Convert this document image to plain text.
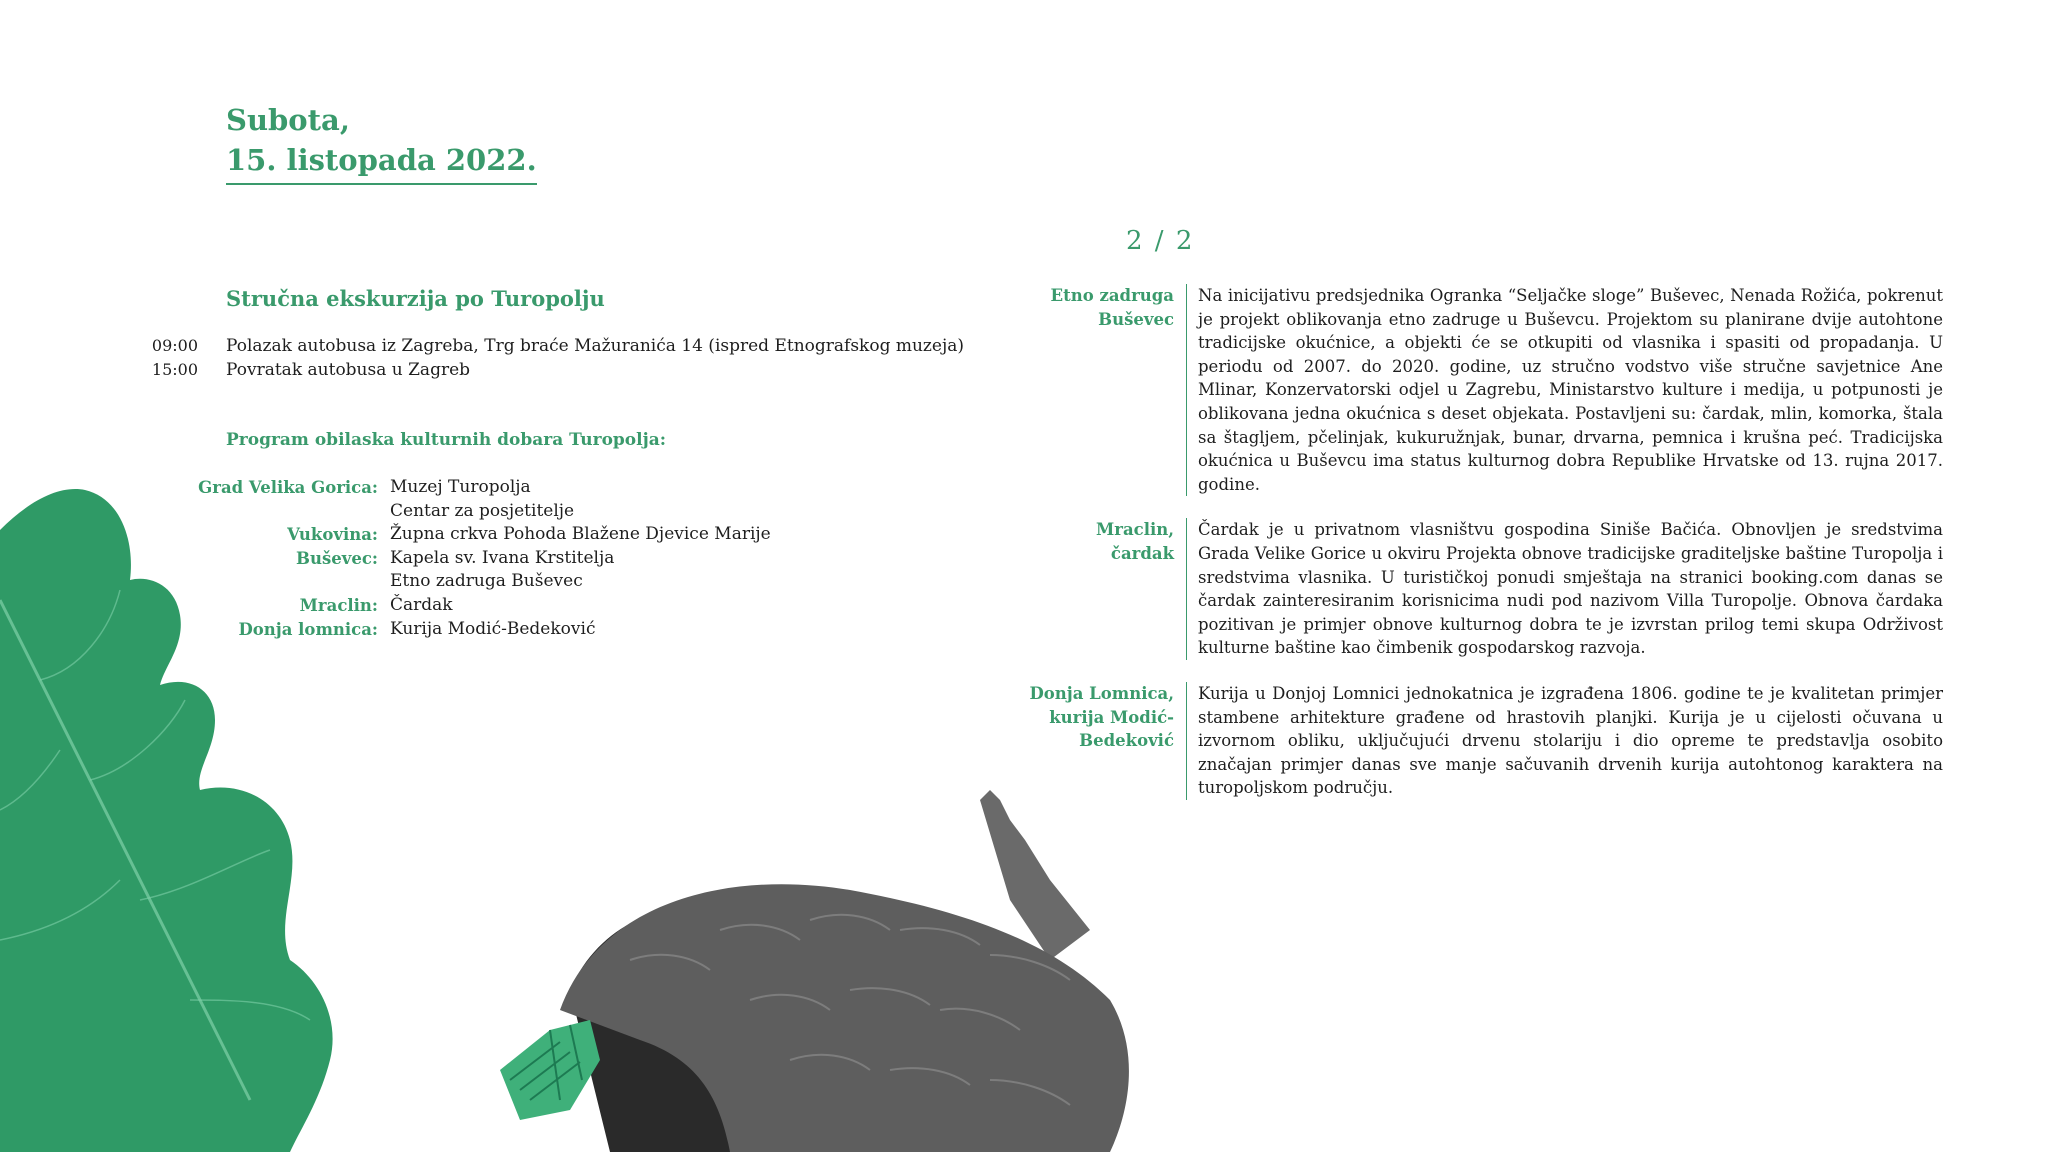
Subota,
15. listopada 2022.
2 / 2
Stručna ekskurzija po Turopolju
09:00 Polazak autobusa iz Zagreba, Trg braće Mažuranića 14 (ispred Etnografskog muzeja)
15:00 Povratak autobusa u Zagreb
Program obilaska kulturnih dobara Turopolja:
Grad Velika Gorica: Muzej Turopolja
Centar za posjetitelje
Vukovina: Župna crkva Pohoda Blažene Djevice Marije
Buševec: Kapela sv. Ivana Krstitelja
Etno zadruga Buševec
Mraclin: Čardak
Donja lomnica: Kurija Modić-Bedeković
Etno zadruga
Buševec
Na inicijativu predsjednika Ogranka “Seljačke sloge” Buševec, Nenada Rožića, pokrenut je projekt oblikovanja etno zadruge u Buševcu. Projektom su planirane dvije autohtone tradicijske okućnice, a objekti će se otkupiti od vlasnika i spasiti od propadanja. U periodu od 2007. do 2020. godine, uz stručno vodstvo više stručne savjetnice Ane Mlinar, Konzervatorski odjel u Zagrebu, Ministarstvo kulture i medija, u potpunosti je oblikovana jedna okućnica s deset objekata. Postavljeni su: čardak, mlin, komorka, štala sa štagljem, pčelinjak, kukuružnjak, bunar, drvarna, pemnica i krušna peć. Tradicijska okućnica u Buševcu ima status kulturnog dobra Republike Hrvatske od 13. rujna 2017. godine.
Mraclin,
čardak
Čardak je u privatnom vlasništvu gospodina Siniše Bačića. Obnovljen je sredstvima Grada Velike Gorice u okviru Projekta obnove tradicijske graditeljske baštine Turopolja i sredstvima vlasnika. U turističkoj ponudi smještaja na stranici booking.com danas se čardak zainteresiranim korisnicima nudi pod nazivom Villa Turopolje. Obnova čardaka pozitivan je primjer obnove kulturnog dobra te je izvrstan prilog temi skupa Održivost kulturne baštine kao čimbenik gospodarskog razvoja.
Donja Lomnica,
kurija Modić-Bedeković
Kurija u Donjoj Lomnici jednokatnica je izgrađena 1806. godine te je kvalitetan primjer stambene arhitekture građene od hrastovih planjki. Kurija je u cijelosti očuvana u izvornom obliku, uključujući drvenu stolariju i dio opreme te predstavlja osobito značajan primjer danas sve manje sačuvanih drvenih kurija autohtonog karaktera na turopoljskom području.
